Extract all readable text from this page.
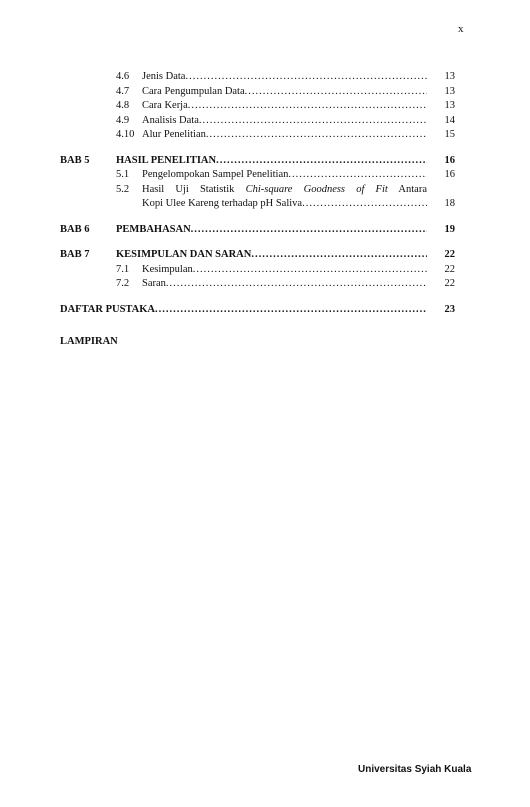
x
4.6	Jenis Data .....	13
4.7	Cara Pengumpulan Data .....	13
4.8	Cara Kerja .....	13
4.9	Analisis Data .....	14
4.10 Alur Penelitian .....	15
BAB 5	HASIL PENELITIAN .....	16
5.1	Pengelompokan Sampel Penelitian .....	16
5.2 Hasil Uji Statistik Chi-square Goodness of Fit Antara
Kopi Ulee Kareng terhadap pH Saliva .....	18
BAB 6	PEMBAHASAN .....	19
BAB 7	KESIMPULAN DAN SARAN .....	22
7.1	Kesimpulan .....	22
7.2	Saran .....	22
DAFTAR PUSTAKA .....	23
LAMPIRAN
Universitas Syiah Kuala
